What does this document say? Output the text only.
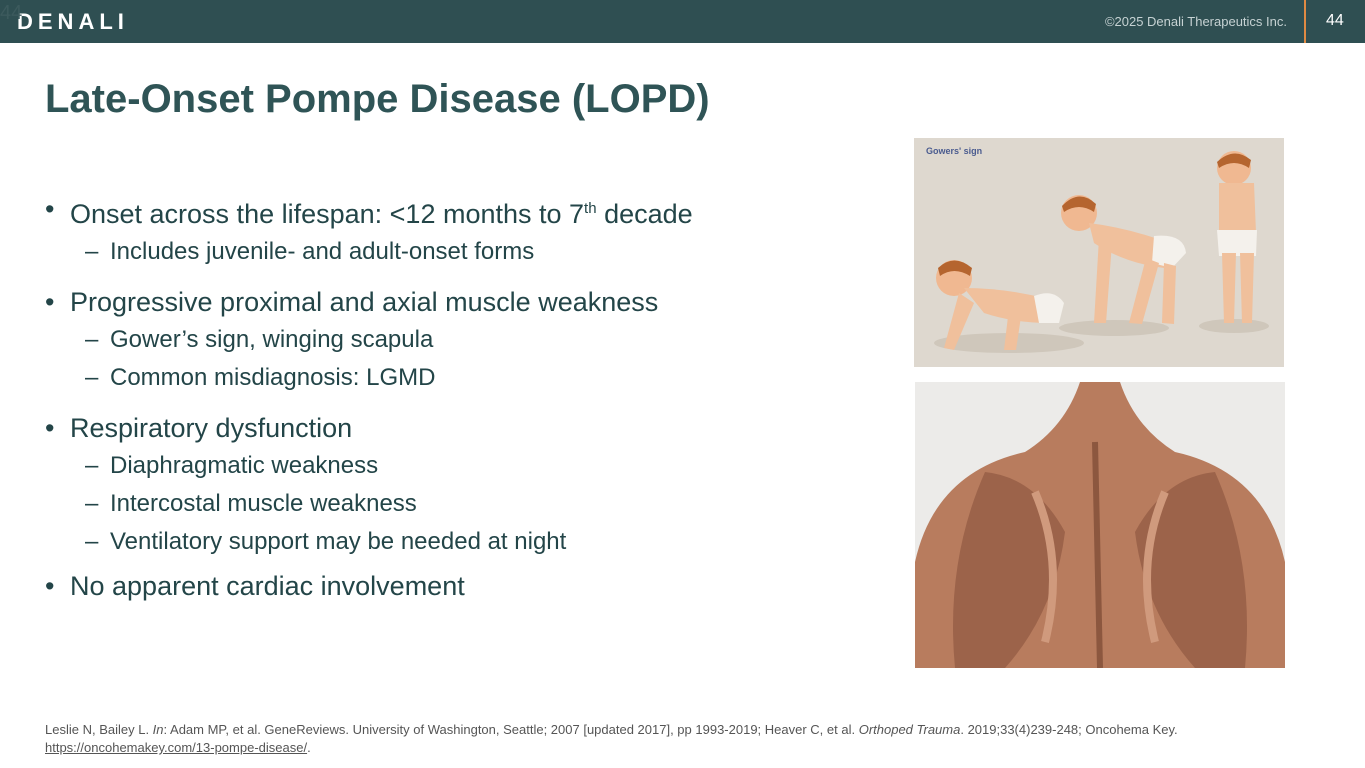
DENALI	©2025 Denali Therapeutics Inc. 44
44
Late-Onset Pompe Disease (LOPD)
• Onset across the lifespan: <12 months to 7th decade
– Includes juvenile- and adult-onset forms
• Progressive proximal and axial muscle weakness
– Gower’s sign, winging scapula
– Common misdiagnosis: LGMD
• Respiratory dysfunction
– Diaphragmatic weakness
– Intercostal muscle weakness
– Ventilatory support may be needed at night
• No apparent cardiac involvement
Gowers' sign
Leslie N, Bailey L. In: Adam MP, et al. GeneReviews. University of Washington, Seattle; 2007 [updated 2017], pp 1993-2019; Heaver C, et al. Orthoped Trauma. 2019;33(4)239-248; Oncohema Key.
https://oncohemakey.com/13-pompe-disease/.
